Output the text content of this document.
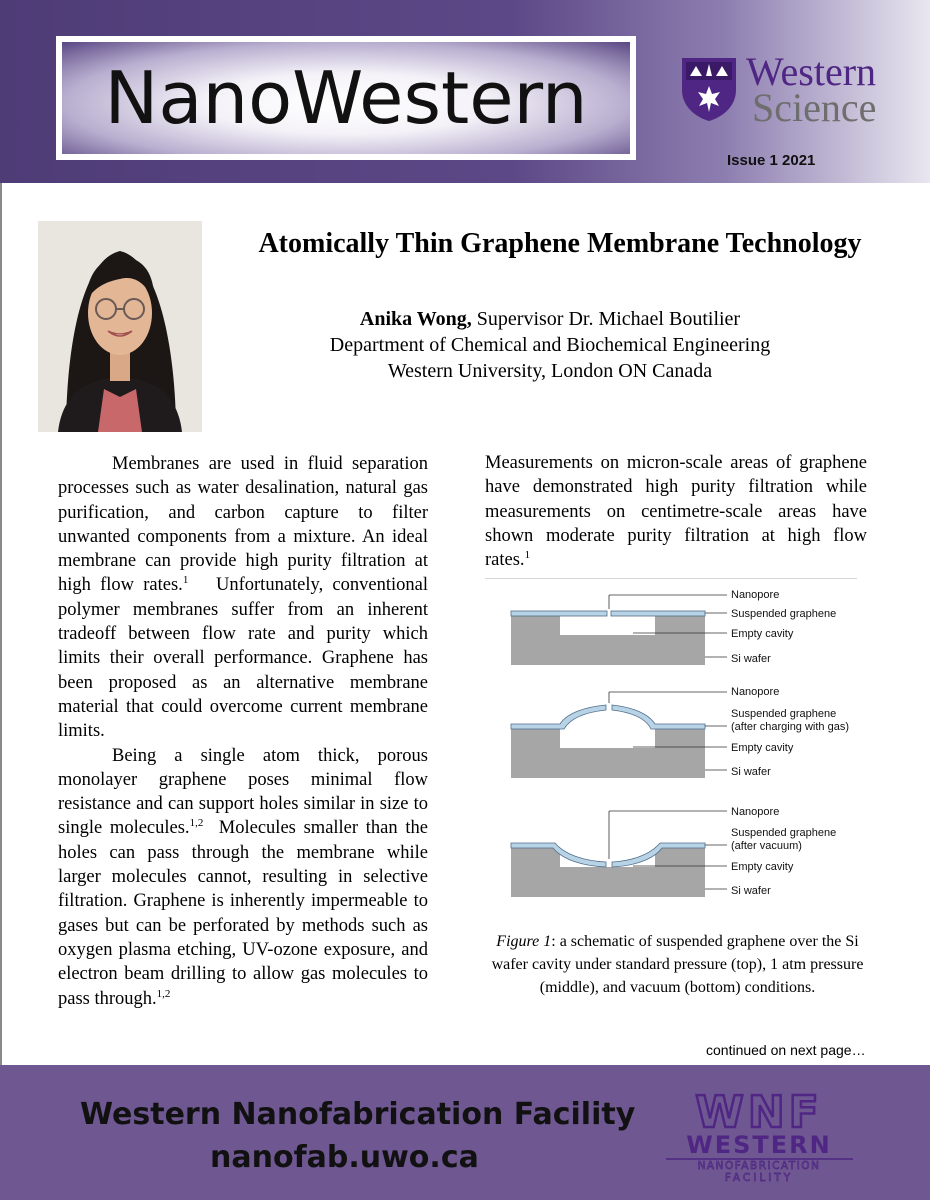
NanoWestern	Western
Science
Issue 1 2021
Atomically Thin Graphene Membrane Technology
Anika Wong, Supervisor Dr. Michael Boutilier
Department of Chemical and Biochemical Engineering
Western University, London ON Canada

Membranes are used in fluid separation processes such as water desalination, natural gas purification, and carbon capture to filter unwanted components from a mixture. An ideal membrane can provide high purity filtration at high flow rates.$^1$ Unfortunately, conventional polymer membranes suffer from an inherent tradeoff between flow rate and purity which limits their overall performance. Graphene has been proposed as an alternative membrane material that could overcome current membrane limits.

Being a single atom thick, porous monolayer graphene poses minimal flow resistance and can support holes similar in size to single molecules.$^{1,2}$ Molecules smaller than the holes can pass through the membrane while larger molecules cannot, resulting in selective filtration. Graphene is inherently impermeable to gases but can be perforated by methods such as oxygen plasma etching, UV-ozone exposure, and electron beam drilling to allow gas molecules to pass through.$^{1,2}$

Measurements on micron-scale areas of graphene have demonstrated high purity filtration while measurements on centimetre-scale areas have shown moderate purity filtration at high flow rates.$^1$

Nanopore
Suspended graphene
Empty cavity
Si wafer
Nanopore
Suspended graphene
(after charging with gas)
Empty cavity
Si wafer
Nanopore
Suspended graphene
(after vacuum)
Empty cavity
Si wafer
Figure 1: a schematic of suspended graphene over the Si wafer cavity under standard pressure (top), 1 atm pressure (middle), and vacuum (bottom) conditions.
continued on next page…
Western Nanofabrication Facility
nanofab.uwo.ca
WNF
WESTERN
NANOFABRICATION
FACILITY
